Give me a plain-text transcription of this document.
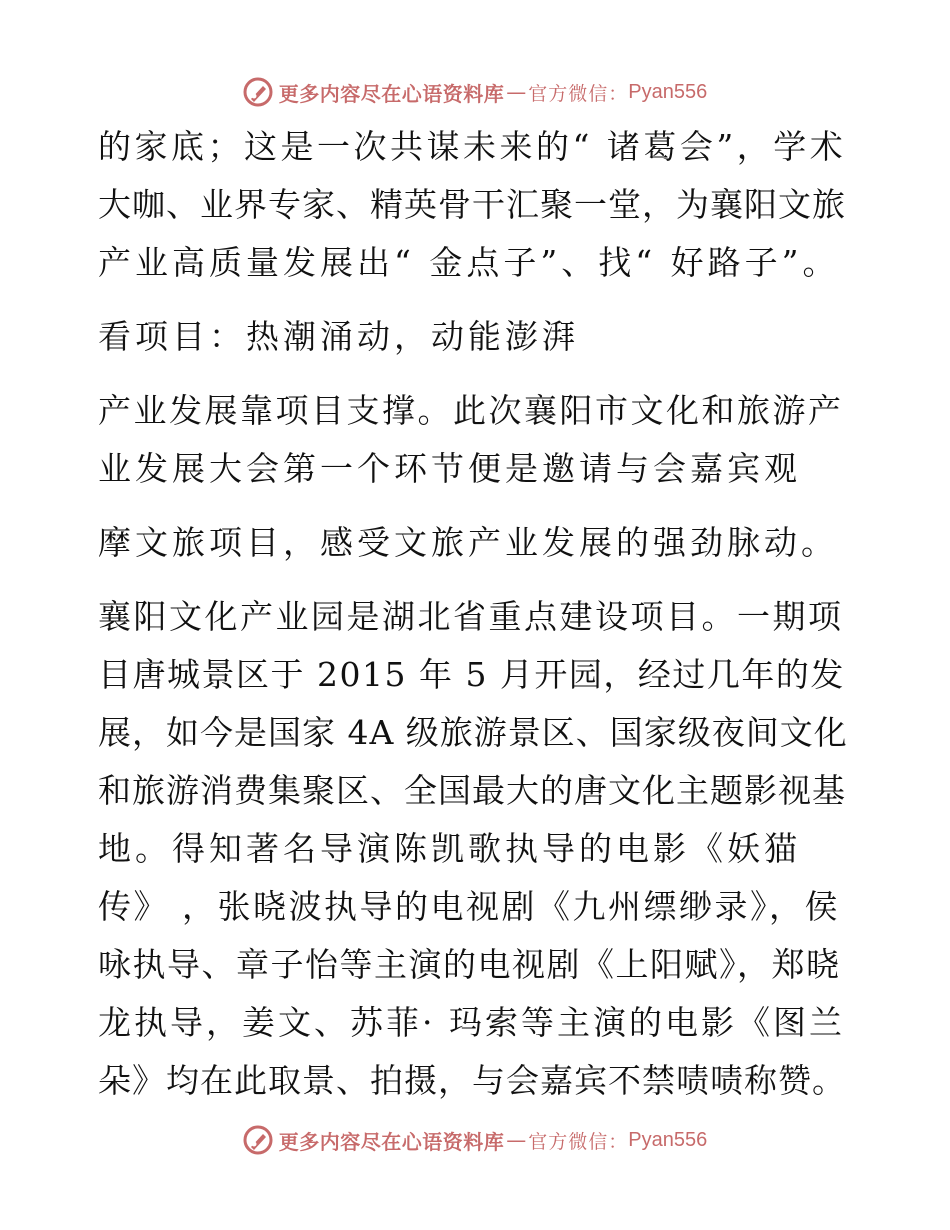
更多内容尽在心语资料库 — 官方微信： Pyan556
的家底；这是一次共谋未来的“ 诸葛会”，学术
大咖、业界专家、精英骨干汇聚一堂，为襄阳文旅
产业高质量发展出“ 金点子”、找“ 好路子”。
看项目：热潮涌动，动能澎湃
产业发展靠项目支撑。此次襄阳市文化和旅游产
业发展大会第一个环节便是邀请与会嘉宾观
摩文旅项目，感受文旅产业发展的强劲脉动。
襄阳文化产业园是湖北省重点建设项目。一期项
目唐城景区于 2015 年 5 月开园，经过几年的发
展，如今是国家 4A 级旅游景区、国家级夜间文化
和旅游消费集聚区、全国最大的唐文化主题影视基
地。得知著名导演陈凯歌执导的电影《妖猫
传》 ，张晓波执导的电视剧《九州缥缈录》，侯
咏执导、章子怡等主演的电视剧《上阳赋》，郑晓
龙执导，姜文、苏菲· 玛索等主演的电影《图兰
朵》均在此取景、拍摄，与会嘉宾不禁啧啧称赞。
更多内容尽在心语资料库 — 官方微信： Pyan556
